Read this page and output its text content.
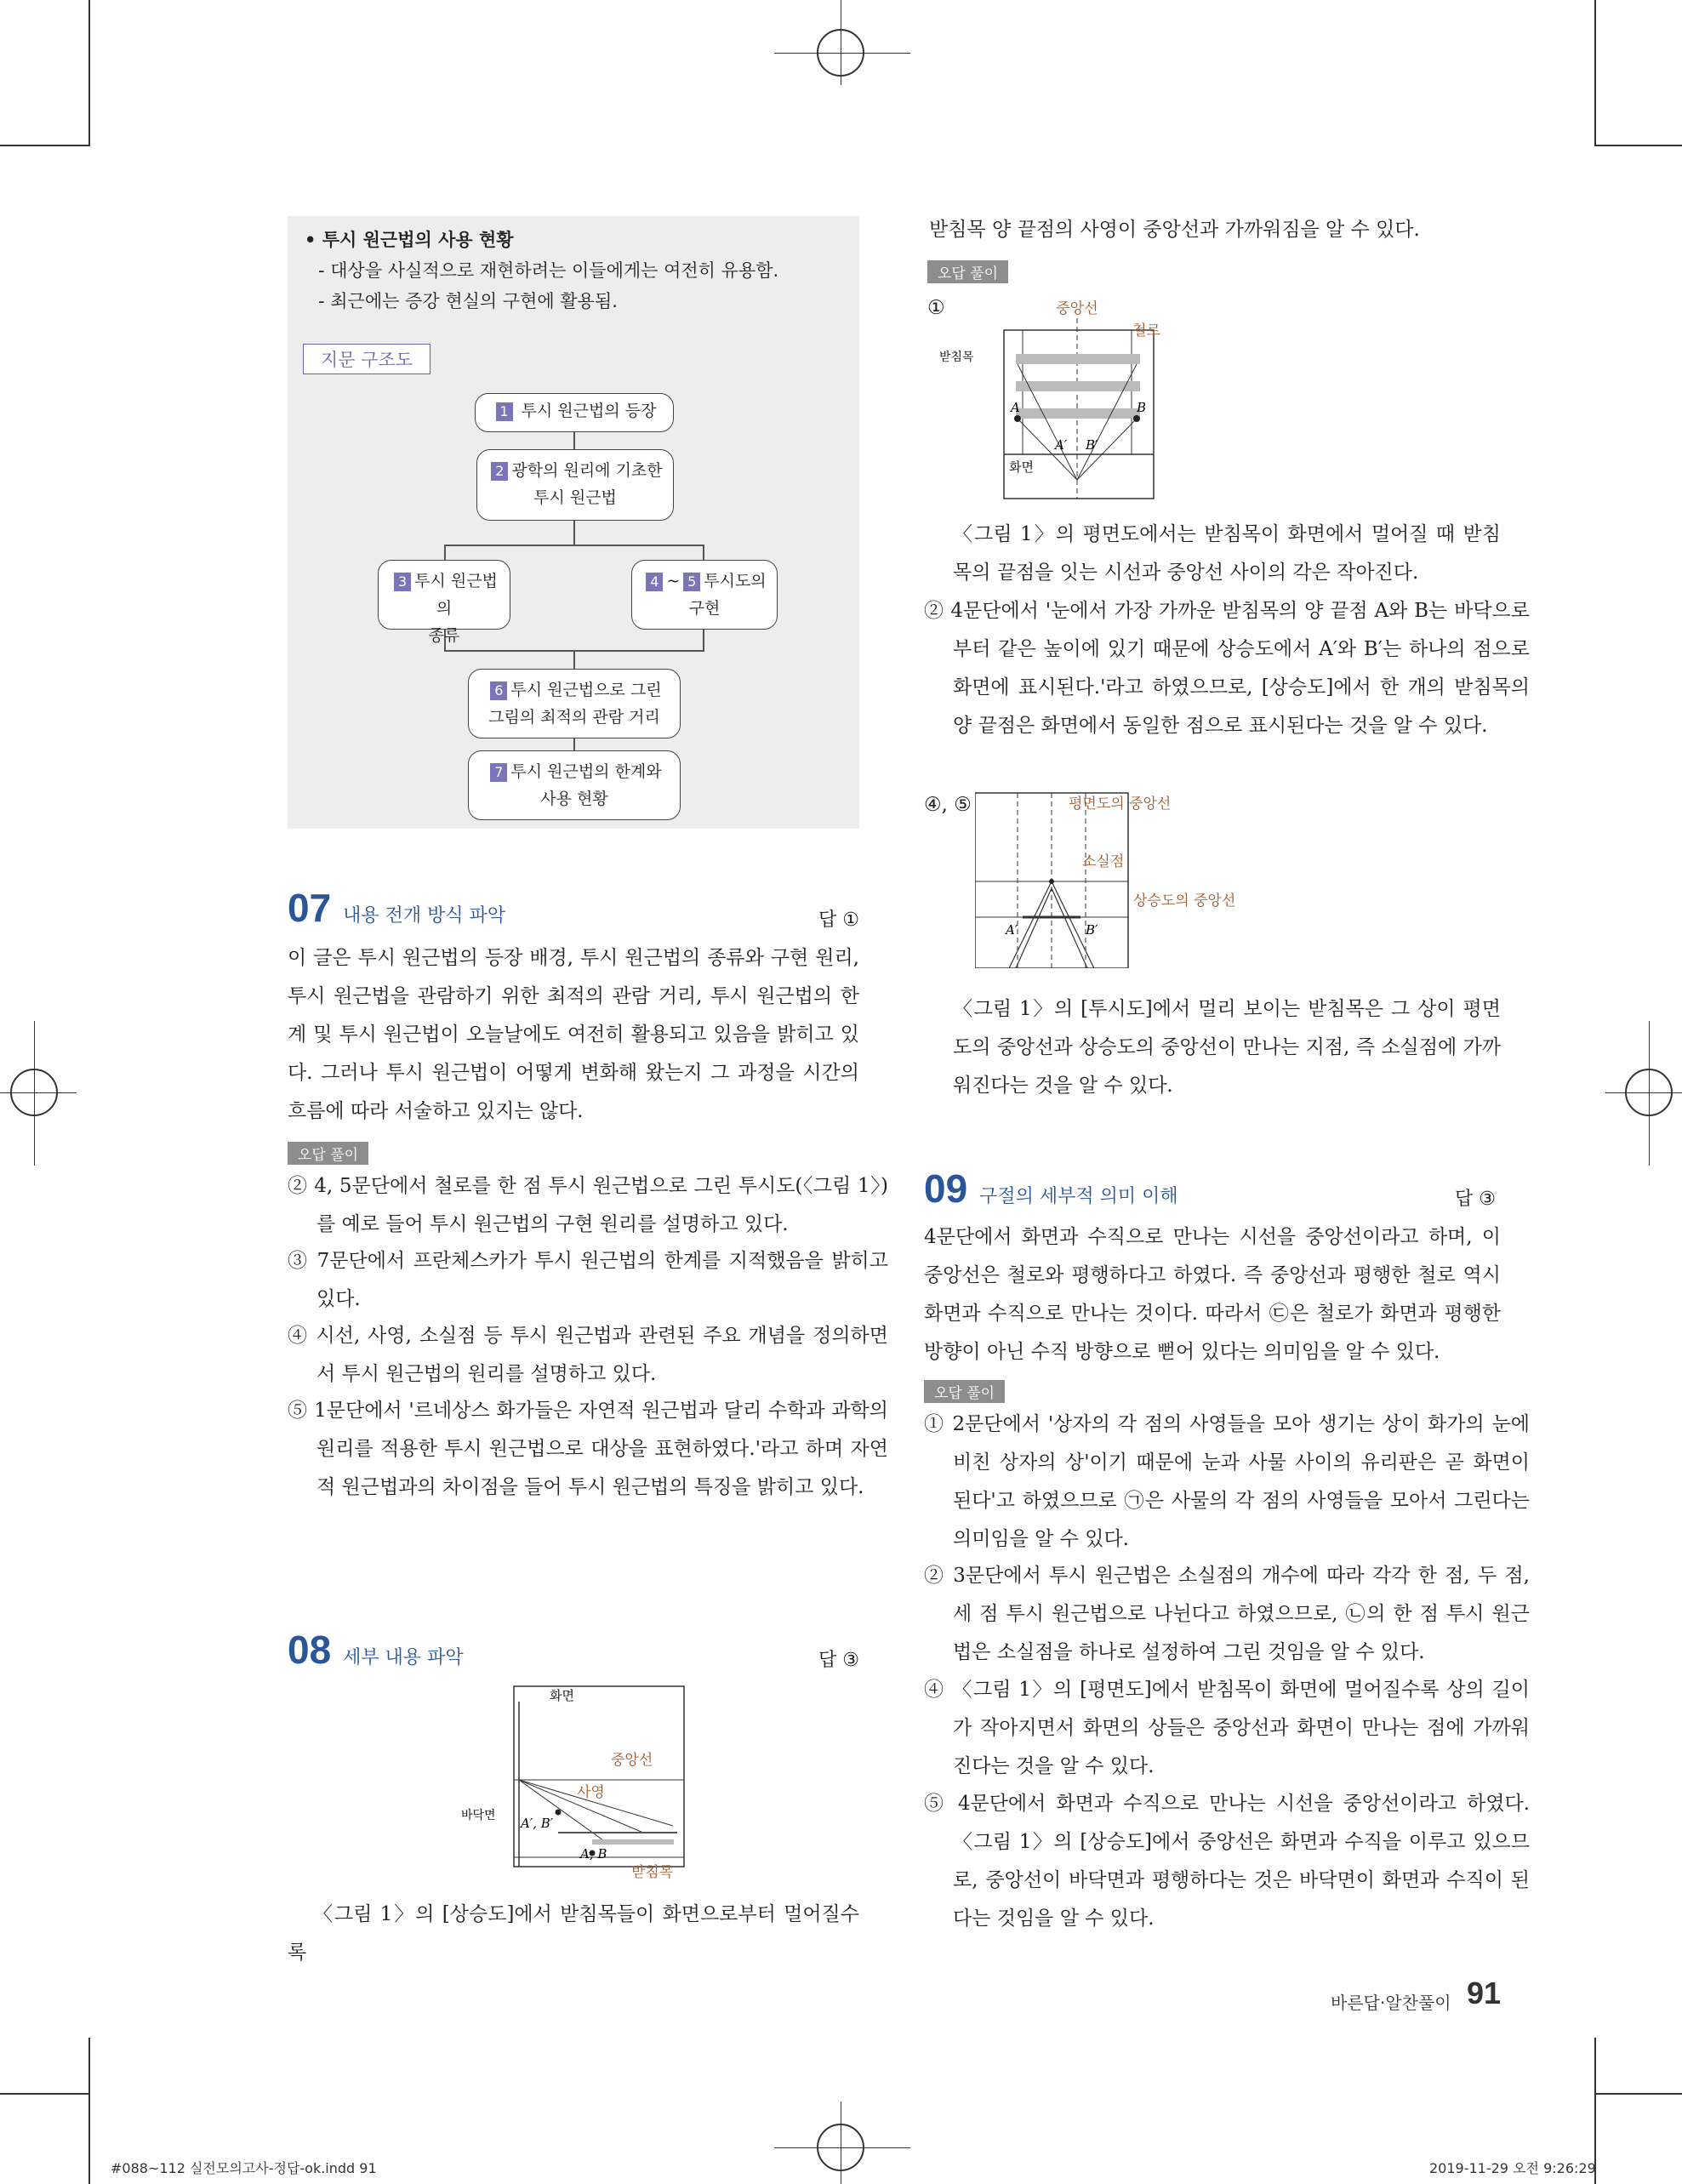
• 투시 원근법의 사용 현황
- 대상을 사실적으로 재현하려는 이들에게는 여전히 유용함.
- 최근에는 증강 현실의 구현에 활용됨.
지문 구조도
1 투시 원근법의 등장
2 광학의 원리에 기초한
투시 원근법
3 투시 원근법의
종류
4 ~ 5 투시도의
구현
6 투시 원근법으로 그린
그림의 최적의 관람 거리
7 투시 원근법의 한계와
사용 현황
07 내용 전개 방식 파악	답 ①
이 글은 투시 원근법의 등장 배경, 투시 원근법의 종류와 구현 원리, 투시 원근법을 관람하기 위한 최적의 관람 거리, 투시 원근법의 한계 및 투시 원근법이 오늘날에도 여전히 활용되고 있음을 밝히고 있다. 그러나 투시 원근법이 어떻게 변화해 왔는지 그 과정을 시간의 흐름에 따라 서술하고 있지는 않다.
오답 풀이
② 4, 5문단에서 철로를 한 점 투시 원근법으로 그린 투시도(〈그림 1〉)를 예로 들어 투시 원근법의 구현 원리를 설명하고 있다.
③ 7문단에서 프란체스카가 투시 원근법의 한계를 지적했음을 밝히고 있다.
④ 시선, 사영, 소실점 등 투시 원근법과 관련된 주요 개념을 정의하면서 투시 원근법의 원리를 설명하고 있다.
⑤ 1문단에서 '르네상스 화가들은 자연적 원근법과 달리 수학과 과학의 원리를 적용한 투시 원근법으로 대상을 표현하였다.'라고 하며 자연적 원근법과의 차이점을 들어 투시 원근법의 특징을 밝히고 있다.
08 세부 내용 파악	답 ③
화면
중앙선
사영
바닥면 A′, B′
A, B
받침목
〈그림 1〉의 [상승도]에서 받침목들이 화면으로부터 멀어질수록
받침목 양 끝점의 사영이 중앙선과 가까워짐을 알 수 있다.
오답 풀이
①	중앙선
철로
받침목
A	B
A′ B′
화면
〈그림 1〉의 평면도에서는 받침목이 화면에서 멀어질 때 받침목의 끝점을 잇는 시선과 중앙선 사이의 각은 작아진다.
② 4문단에서 '눈에서 가장 가까운 받침목의 양 끝점 A와 B는 바닥으로부터 같은 높이에 있기 때문에 상승도에서 A′와 B′는 하나의 점으로 화면에 표시된다.'라고 하였으므로, [상승도]에서 한 개의 받침목의 양 끝점은 화면에서 동일한 점으로 표시된다는 것을 알 수 있다.
④, ⑤	평면도의 중앙선
소실점
상승도의 중앙선
A′	B′
〈그림 1〉의 [투시도]에서 멀리 보이는 받침목은 그 상이 평면도의 중앙선과 상승도의 중앙선이 만나는 지점, 즉 소실점에 가까워진다는 것을 알 수 있다.
09 구절의 세부적 의미 이해	답 ③
4문단에서 화면과 수직으로 만나는 시선을 중앙선이라고 하며, 이 중앙선은 철로와 평행하다고 하였다. 즉 중앙선과 평행한 철로 역시 화면과 수직으로 만나는 것이다. 따라서 ㉢은 철로가 화면과 평행한 방향이 아닌 수직 방향으로 뻗어 있다는 의미임을 알 수 있다.
오답 풀이
① 2문단에서 '상자의 각 점의 사영들을 모아 생기는 상이 화가의 눈에 비친 상자의 상'이기 때문에 눈과 사물 사이의 유리판은 곧 화면이 된다'고 하였으므로 ㉠은 사물의 각 점의 사영들을 모아서 그린다는 의미임을 알 수 있다.
② 3문단에서 투시 원근법은 소실점의 개수에 따라 각각 한 점, 두 점, 세 점 투시 원근법으로 나뉜다고 하였으므로, ㉡의 한 점 투시 원근법은 소실점을 하나로 설정하여 그린 것임을 알 수 있다.
④ 〈그림 1〉의 [평면도]에서 받침목이 화면에 멀어질수록 상의 길이가 작아지면서 화면의 상들은 중앙선과 화면이 만나는 점에 가까워진다는 것을 알 수 있다.
⑤ 4문단에서 화면과 수직으로 만나는 시선을 중앙선이라고 하였다. 〈그림 1〉의 [상승도]에서 중앙선은 화면과 수직을 이루고 있으므로, 중앙선이 바닥면과 평행하다는 것은 바닥면이 화면과 수직이 된다는 것임을 알 수 있다.
바른답·알찬풀이 91
#088~112 실전모의고사-정답-ok.indd 91	2019-11-29 오전 9:26:29
